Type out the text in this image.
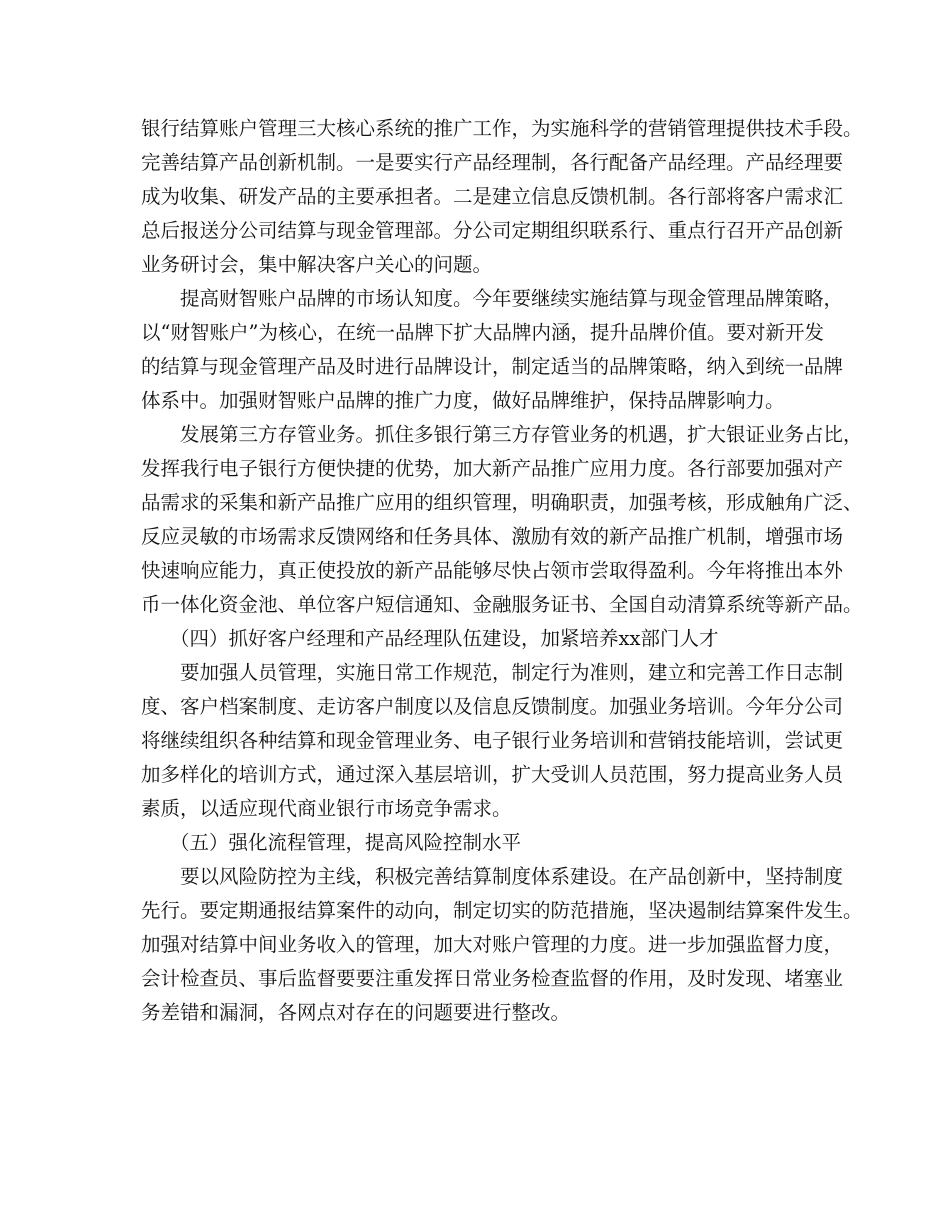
银行结算账户管理三大核心系统的推广工作，为实施科学的营销管理提供技术手段。
完善结算产品创新机制。一是要实行产品经理制，各行配备产品经理。产品经理要
成为收集、研发产品的主要承担者。二是建立信息反馈机制。各行部将客户需求汇
总后报送分公司结算与现金管理部。分公司定期组织联系行、重点行召开产品创新
业务研讨会，集中解决客户关心的问题。
提高财智账户品牌的市场认知度。今年要继续实施结算与现金管理品牌策略，
以“财智账户”为核心，在统一品牌下扩大品牌内涵，提升品牌价值。要对新开发
的结算与现金管理产品及时进行品牌设计，制定适当的品牌策略，纳入到统一品牌
体系中。加强财智账户品牌的推广力度，做好品牌维护，保持品牌影响力。
发展第三方存管业务。抓住多银行第三方存管业务的机遇，扩大银证业务占比，
发挥我行电子银行方便快捷的优势，加大新产品推广应用力度。各行部要加强对产
品需求的采集和新产品推广应用的组织管理，明确职责，加强考核，形成触角广泛、
反应灵敏的市场需求反馈网络和任务具体、激励有效的新产品推广机制，增强市场
快速响应能力，真正使投放的新产品能够尽快占领市尝取得盈利。今年将推出本外
币一体化资金池、单位客户短信通知、金融服务证书、全国自动清算系统等新产品。
（四）抓好客户经理和产品经理队伍建设，加紧培养xx部门人才
要加强人员管理，实施日常工作规范，制定行为准则，建立和完善工作日志制
度、客户档案制度、走访客户制度以及信息反馈制度。加强业务培训。今年分公司
将继续组织各种结算和现金管理业务、电子银行业务培训和营销技能培训，尝试更
加多样化的培训方式，通过深入基层培训，扩大受训人员范围，努力提高业务人员
素质，以适应现代商业银行市场竞争需求。
（五）强化流程管理，提高风险控制水平
要以风险防控为主线，积极完善结算制度体系建设。在产品创新中，坚持制度
先行。要定期通报结算案件的动向，制定切实的防范措施，坚决遏制结算案件发生。
加强对结算中间业务收入的管理，加大对账户管理的力度。进一步加强监督力度，
会计检查员、事后监督要要注重发挥日常业务检查监督的作用，及时发现、堵塞业
务差错和漏洞，各网点对存在的问题要进行整改。
